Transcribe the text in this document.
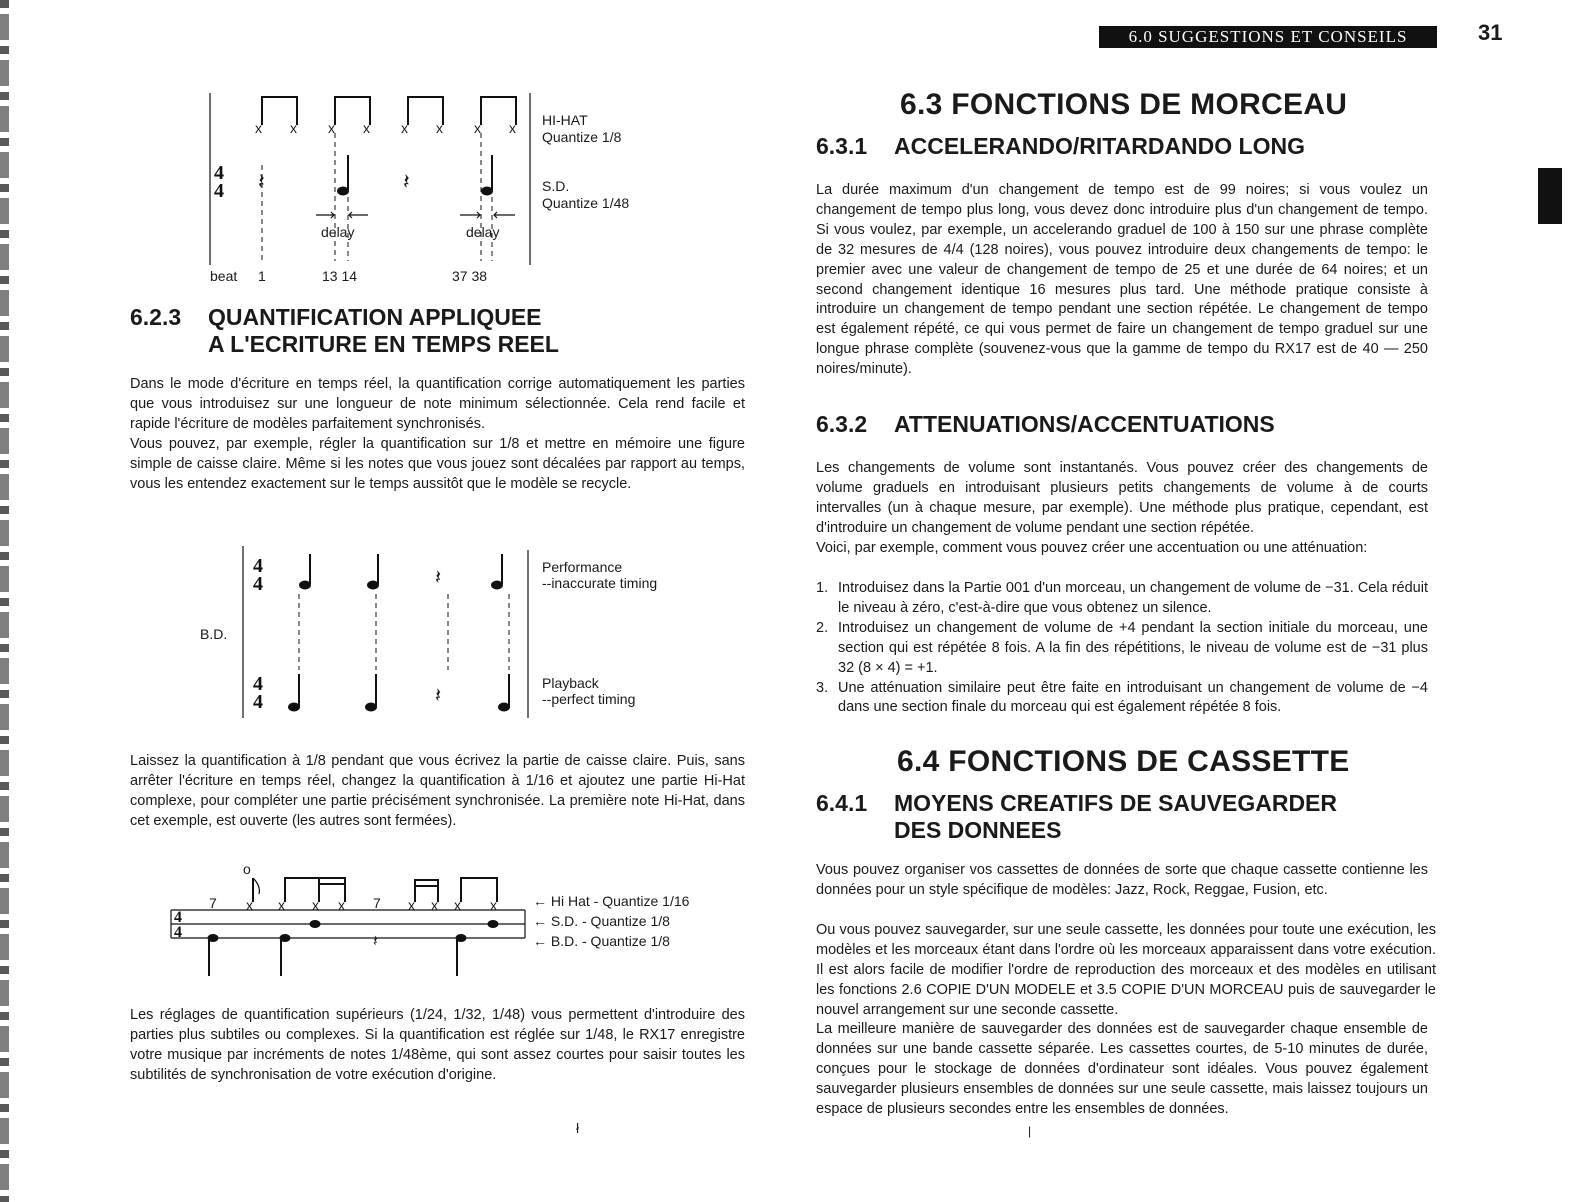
6.0 SUGGESTIONS ET CONSEILS	31
x x x x x x x x
4
4 𝄽	𝄽
delay	delay
beat 1	13 14	37 38
HI-HAT
Quantize 1/8
S.D.
Quantize 1/48
6.2.3 QUANTIFICATION APPLIQUEE
A L'ECRITURE EN TEMPS REEL

Dans le mode d'écriture en temps réel, la quantification corrige automatiquement les parties que vous introduisez sur une longueur de note minimum sélectionnée. Cela rend facile et rapide l'écriture de modèles parfaitement synchronisés.

Vous pouvez, par exemple, régler la quantification sur 1/8 et mettre en mémoire une figure simple de caisse claire. Même si les notes que vous jouez sont décalées par rapport au temps, vous les entendez exactement sur le temps aussitôt que le modèle se recycle.

B.D.
4
4	𝄽
4
4	𝄽
Performance
--inaccurate timing
Playback
--perfect timing

Laissez la quantification à 1/8 pendant que vous écrivez la partie de caisse claire. Puis, sans arrêter l'écriture en temps réel, changez la quantification à 1/16 et ajoutez une partie Hi-Hat complexe, pour compléter une partie précisément synchronisée. La première note Hi-Hat, dans cet exemple, est ouverte (les autres sont fermées).

o
4
4
7	7
x x x x	x x x x
𝄽
← Hi Hat - Quantize 1/16
← S.D. - Quantize 1/8
← B.D. - Quantize 1/8

Les réglages de quantification supérieurs (1/24, 1/32, 1/48) vous permettent d'introduire des parties plus subtiles ou complexes. Si la quantification est réglée sur 1/48, le RX17 enregistre votre musique par incréments de notes 1/48ème, qui sont assez courtes pour saisir toutes les subtilités de synchronisation de votre exécution d'origine.

6.3 FONCTIONS DE MORCEAU
6.3.1 ACCELERANDO/RITARDANDO LONG

La durée maximum d'un changement de tempo est de 99 noires; si vous voulez un changement de tempo plus long, vous devez donc introduire plus d'un changement de tempo. Si vous voulez, par exemple, un accelerando graduel de 100 à 150 sur une phrase complète de 32 mesures de 4/4 (128 noires), vous pouvez introduire deux changements de tempo: le premier avec une valeur de changement de tempo de 25 et une durée de 64 noires; et un second changement identique 16 mesures plus tard. Une méthode pratique consiste à introduire un changement de tempo pendant une section répétée. Le changement de tempo est également répété, ce qui vous permet de faire un changement de tempo graduel sur une longue phrase complète (souvenez-vous que la gamme de tempo du RX17 est de 40 — 250 noires/minute).

6.3.2 ATTENUATIONS/ACCENTUATIONS

Les changements de volume sont instantanés. Vous pouvez créer des changements de volume graduels en introduisant plusieurs petits changements de volume à de courts intervalles (un à chaque mesure, par exemple). Une méthode plus pratique, cependant, est d'introduire un changement de volume pendant une section répétée.

Voici, par exemple, comment vous pouvez créer une accentuation ou une atténuation:

1. Introduisez dans la Partie 001 d'un morceau, un changement de volume de −31. Cela réduit le niveau à zéro, c'est-à-dire que vous obtenez un silence.
2. Introduisez un changement de volume de +4 pendant la section initiale du morceau, une section qui est répétée 8 fois. A la fin des répétitions, le niveau de volume est de −31 plus 32 (8 × 4) = +1.
3. Une atténuation similaire peut être faite en introduisant un changement de volume de −4 dans une section finale du morceau qui est également répétée 8 fois.
6.4 FONCTIONS DE CASSETTE
6.4.1 MOYENS CREATIFS DE SAUVEGARDER
DES DONNEES

Vous pouvez organiser vos cassettes de données de sorte que chaque cassette contienne les données pour un style spécifique de modèles: Jazz, Rock, Reggae, Fusion, etc.

Ou vous pouvez sauvegarder, sur une seule cassette, les données pour toute une exécution, les modèles et les morceaux étant dans l'ordre où les morceaux apparaissent dans votre exécution. Il est alors facile de modifier l'ordre de reproduction des morceaux et des modèles en utilisant les fonctions 2.6 COPIE D'UN MODELE et 3.5 COPIE D'UN MORCEAU puis de sauvegarder le nouvel arrangement sur une seconde cassette.

La meilleure manière de sauvegarder des données est de sauvegarder chaque ensemble de données sur une bande cassette séparée. Les cassettes courtes, de 5-10 minutes de durée, conçues pour le stockage de données d'ordinateur sont idéales. Vous pouvez également sauvegarder plusieurs ensembles de données sur une seule cassette, mais laissez toujours un espace de plusieurs secondes entre les ensembles de données.

ł	|
